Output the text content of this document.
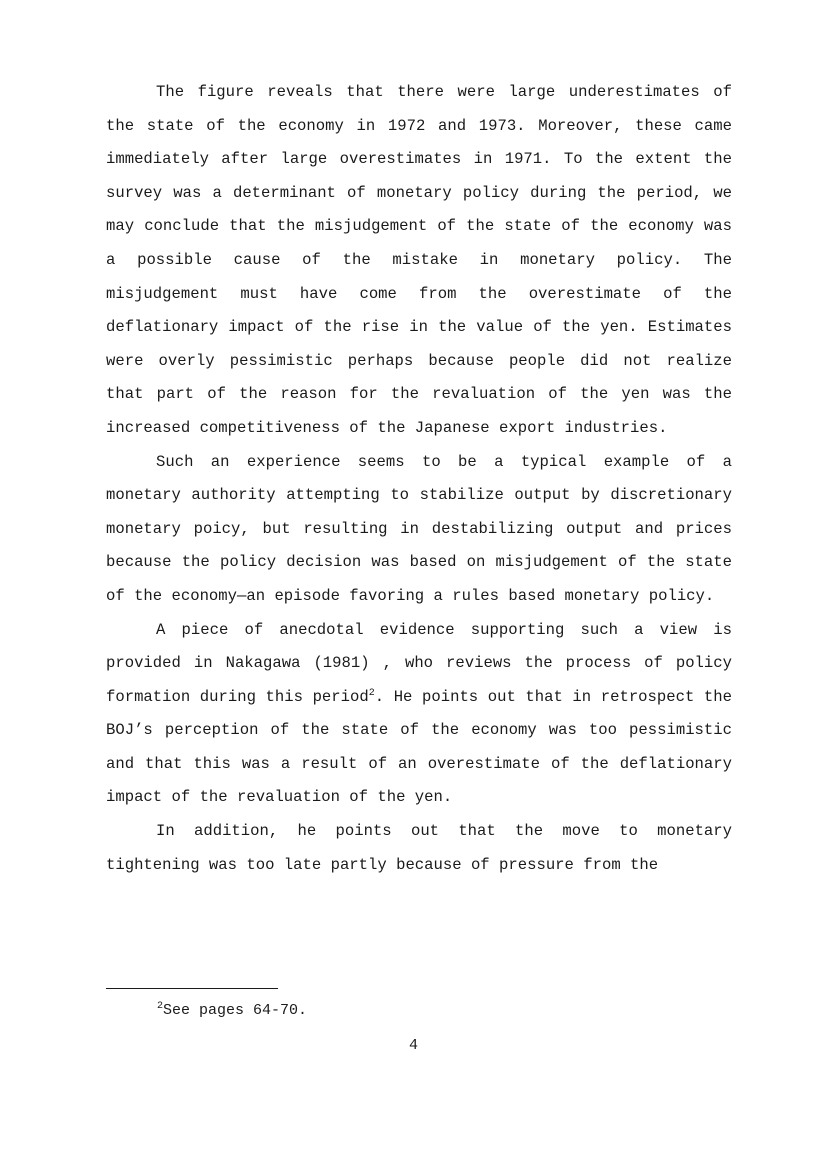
The figure reveals that there were large underestimates of the state of the economy in 1972 and 1973. Moreover, these came immediately after large overestimates in 1971. To the extent the survey was a determinant of monetary policy during the period, we may conclude that the misjudgement of the state of the economy was a possible cause of the mistake in monetary policy. The misjudgement must have come from the overestimate of the deflationary impact of the rise in the value of the yen. Estimates were overly pessimistic perhaps because people did not realize that part of the reason for the revaluation of the yen was the increased competitiveness of the Japanese export industries.

Such an experience seems to be a typical example of a monetary authority attempting to stabilize output by discretionary monetary poicy, but resulting in destabilizing output and prices because the policy decision was based on misjudgement of the state of the economy—an episode favoring a rules based monetary policy.

A piece of anecdotal evidence supporting such a view is provided in Nakagawa (1981) , who reviews the process of policy formation during this period$^2$. He points out that in retrospect the BOJ’s perception of the state of the economy was too pessimistic and that this was a result of an overestimate of the deflationary impact of the revaluation of the yen.

In addition, he points out that the move to monetary tightening was too late partly because of pressure from the

$^2$See pages 64-70.
4
